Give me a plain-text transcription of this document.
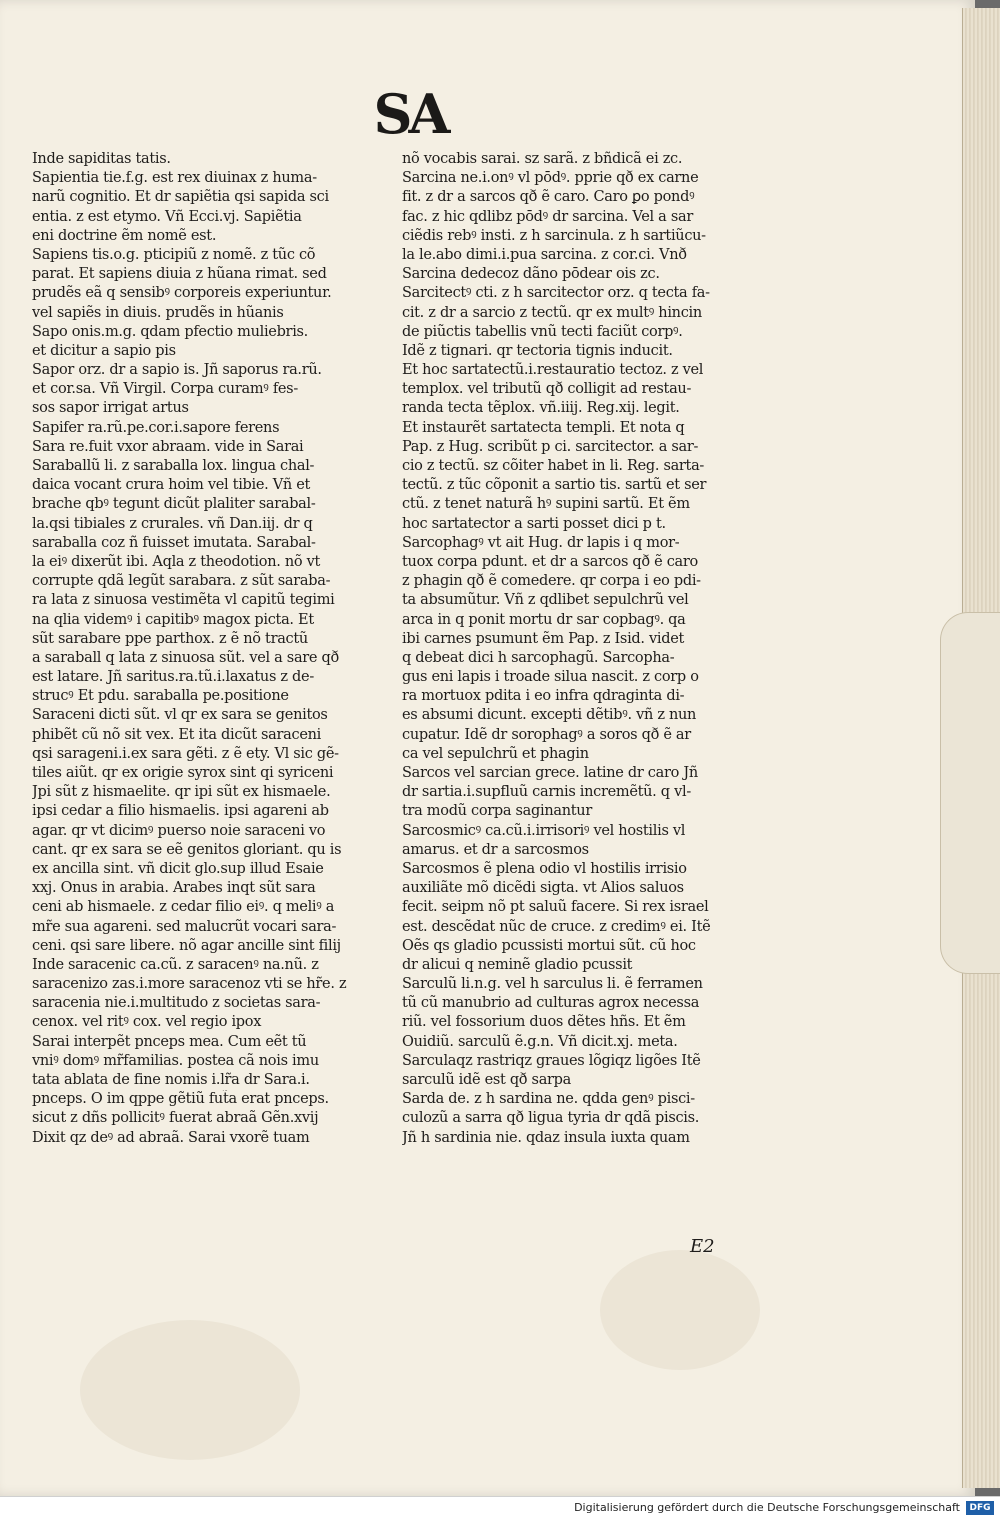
SA
Inde sapiditas tatis.
Sapientia tie.f.g. est rex diuinax z huma-
narũ cognitio. Et dr sapiẽtia qsi sapida sci
entia. z est etymo. Vñ Ecci.vj. Sapiẽtia
eni doctrine ẽm nomẽ est.
Sapiens tis.o.g. pticipiũ z nomẽ. z tũc cõ
parat. Et sapiens diuia z hũana rimat. sed
prudẽs eã q sensibꝰ corporeis experiuntur.
vel sapiẽs in diuis. prudẽs in hũanis
Sapo onis.m.g. qdam pfectio muliebris.
et dicitur a sapio pis
Sapor orz. dr a sapio is. Jñ saporus ra.rũ.
et cor.sa. Vñ Virgil. Corpa curamꝰ fes-
sos sapor irrigat artus
Sapifer ra.rũ.pe.cor.i.sapore ferens
Sara re.fuit vxor abraam. vide in Sarai
Saraballũ li. z saraballa lox. lingua chal-
daica vocant crura hoim vel tibie. Vñ et
brache qbꝰ tegunt dicũt plaliter sarabal-
la.qsi tibiales z crurales. vñ Dan.iij. dr q
saraballa coz ñ fuisset imutata. Sarabal-
la eiꝰ dixerũt ibi. Aqla z theodotion. nõ vt
corrupte qdã legũt sarabara. z sũt saraba-
ra lata z sinuosa vestimẽta vl capitũ tegimi
na qlia videmꝰ i capitibꝰ magox picta. Et
sũt sarabare ppe parthox. z ẽ nõ tractũ
a saraball q lata z sinuosa sũt. vel a sare qð
est latare. Jñ saritus.ra.tũ.i.laxatus z de-
strucꝰ Et pdu. saraballa pe.positione
Saraceni dicti sũt. vl qr ex sara se genitos
phibẽt cũ nõ sit vex. Et ita dicũt saraceni
qsi sarageni.i.ex sara gẽti. z ẽ ety. Vl sic gẽ-
tiles aiũt. qr ex origie syrox sint qi syriceni
Jpi sũt z hismaelite. qr ipi sũt ex hismaele.
ipsi cedar a filio hismaelis. ipsi agareni ab
agar. qr vt dicimꝰ puerso noie saraceni vo
cant. qr ex sara se eẽ genitos gloriant. qu is
ex ancilla sint. vñ dicit glo.sup illud Esaie
xxj. Onus in arabia. Arabes inqt sũt sara
ceni ab hismaele. z cedar filio eiꝰ. q meliꝰ a
mr̃e sua agareni. sed malucrũt vocari sara-
ceni. qsi sare libere. nõ agar ancille sint filij
Inde saracenic ca.cũ. z saracenꝰ na.nũ. z
saracenizo zas.i.more saracenoz vti se hr̃e. z
saracenia nie.i.multitudo z societas sara-
cenox. vel ritꝰ cox. vel regio ipox
Sarai interpẽt pnceps mea. Cum eẽt tũ
vniꝰ domꝰ mr̃familias. postea cã nois imu
tata ablata de fine nomis i.lr̃a dr Sara.i.
pnceps. O im qppe gẽtiũ fut̃a erat pnceps.
sicut z dñs pollicitꝰ fuerat abraã Gẽn.xvij
Dixit qz deꝰ ad abraã. Sarai vxorẽ tuam
nõ vocabis sarai. sz sarã. z bñdicã ei zc.
Sarcina ne.i.onꝰ vl pōdꝰ. pprie qð ex carne
fit. z dr a sarcos qð ẽ caro. Caro ꝑo pondꝰ
fac. z hic qdlibz pōdꝰ dr sarcina. Vel a sar
ciẽdis rebꝰ insti. z h sarcinula. z h sartiũcu-
la le.abo dimi.i.pua sarcina. z cor.ci. Vnð
Sarcina dedecoz dãno pōdear ois zc.
Sarcitectꝰ cti. z h sarcitector orz. q tecta fa-
cit. z dr a sarcio z tectũ. qr ex multꝰ hincin
de piũctis tabellis vnũ tecti faciũt corpꝰ.
Idẽ z tignari. qr tectoria tignis inducit.
Et hoc sartatectũ.i.restauratio tectoz. z vel
templox. vel tributũ qð colligit ad restau-
randa tecta tẽplox. vñ.iiij. Reg.xij. legit.
Et instaurẽt sartatecta templi. Et nota q
Pap. z Hug. scribũt p ci. sarcitector. a sar-
cio z tectũ. sz cõiter habet in li. Reg. sarta-
tectũ. z tũc cõponit a sartio tis. sartũ et ser
ctũ. z tenet naturã hꝰ supini sartũ. Et ẽm
hoc sartatector a sarti posset dici p t.
Sarcophagꝰ vt ait Hug. dr lapis i q mor-
tuox corpa pdunt. et dr a sarcos qð ẽ caro
z phagin qð ẽ comedere. qr corpa i eo pdi-
ta absumũtur. Vñ z qdlibet sepulchrũ vel
arca in q ponit mortu dr sar copbagꝰ. qa
ibi carnes psumunt ẽm Pap. z Isid. videt
q debeat dici h sarcophagũ. Sarcopha-
gus eni lapis i troade silua nascit. z corp o
ra mortuox pdita i eo infra qdraginta di-
es absumi dicunt. excepti dẽtibꝰ. vñ z nun
cupatur. Idẽ dr sorophagꝰ a soros qð ẽ ar
ca vel sepulchrũ et phagin
Sarcos vel sarcian grece. latine dr caro Jñ
dr sartia.i.supfluũ carnis incremẽtũ. q vl-
tra modũ corpa saginantur
Sarcosmicꝰ ca.cũ.i.irrisoriꝰ vel hostilis vl
amarus. et dr a sarcosmos
Sarcosmos ẽ plena odio vl hostilis irrisio
auxiliãte mõ dicẽdi sigta. vt Alios saluos
fecit. seipm nõ pt saluũ facere. Si rex israel
est. descẽdat nũc de cruce. z credimꝰ ei. Itẽ
Oẽs qs gladio pcussisti mortui sũt. cũ hoc
dr alicui q neminẽ gladio pcussit
Sarculũ li.n.g. vel h sarculus li. ẽ ferramen
tũ cũ manubrio ad culturas agrox necessa
riũ. vel fossorium duos dẽtes hñs. Et ẽm
Ouidiũ. sarculũ ẽ.g.n. Vñ dicit.xj. meta.
Sarculaqz rastriqz graues lõgiqz ligões Itẽ
sarculũ idẽ est qð sarpa
Sarda de. z h sardina ne. qdda genꝰ pisci-
culozũ a sarra qð ligua tyria dr qdã piscis.
Jñ h sardinia nie. qdaz insula iuxta quam
E2
Digitalisierung gefördert durch die Deutsche Forschungsgemeinschaft	DFG
